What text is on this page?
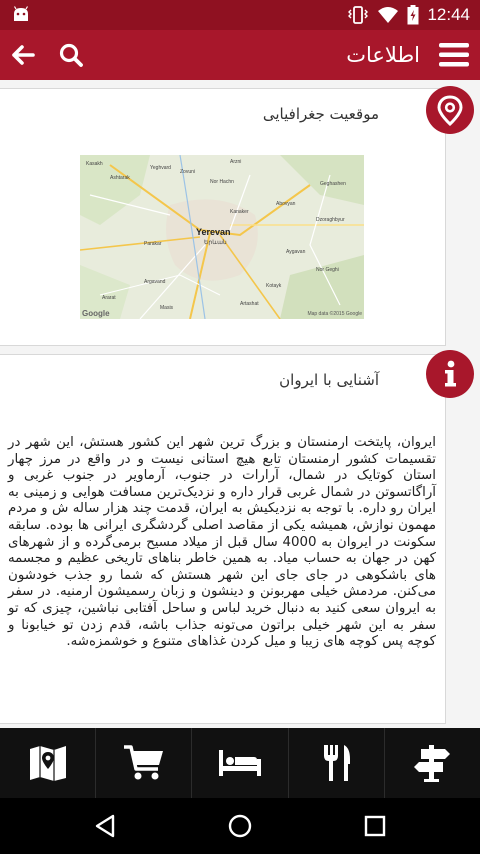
12:44
اطلاعات
موقعیت جغرافیایی
Ashtarak
Abovyan
Kanaker
Zovuni
Yeghvard
Arzni
Kasakh
Nor Hachn	Geghashen
Parakar
Argavand
Masis
Artashat
Dzoraghbyur
Aygavan
Nor Geghi
Kotayk
Ararat
Yerevan
Երևան
Google	Map data ©2015 Google
آشنایی با ایروان
ایروان، پایتخت ارمنستان و بزرگ ترین شهر این کشور هستش، این شهر در تقسیمات کشور ارمنستان تابع هیچ استانی نیست و در واقع در مرز چهار استان کوتایک در شمال، آرارات در جنوب، آرماویر در جنوب غربی و آراگاتسوتن در شمال غربی قرار داره و نزدیک‌ترین مسافت هوایی و زمینی به ایران رو داره. با توجه به نزدیکیش به ایران، قدمت چند هزار ساله ش و مردم مهمون نوازش، همیشه یکی از مقاصد اصلی گردشگری ایرانی ها بوده. سابقه سکونت در ایروان به 4000 سال قبل از میلاد مسیح برمی‌گرده و از شهرهای کهن در جهان به حساب میاد. به همین خاطر بناهای تاریخی عظیم و مجسمه های باشکوهی در جای جای این شهر هستش که شما رو جذب خودشون می‌کنن. مردمش خیلی مهربونن و دینشون و زبان رسمیشون ارمنیه. در سفر به ایروان سعی کنید به دنبال خرید لباس و ساحل آفتابی نباشین، چیزی که تو سفر به این شهر خیلی براتون می‌تونه جذاب باشه، قدم زدن تو خیابونا و کوچه پس کوچه های زیبا و میل کردن غذاهای متنوع و خوشمزه‌شه.
